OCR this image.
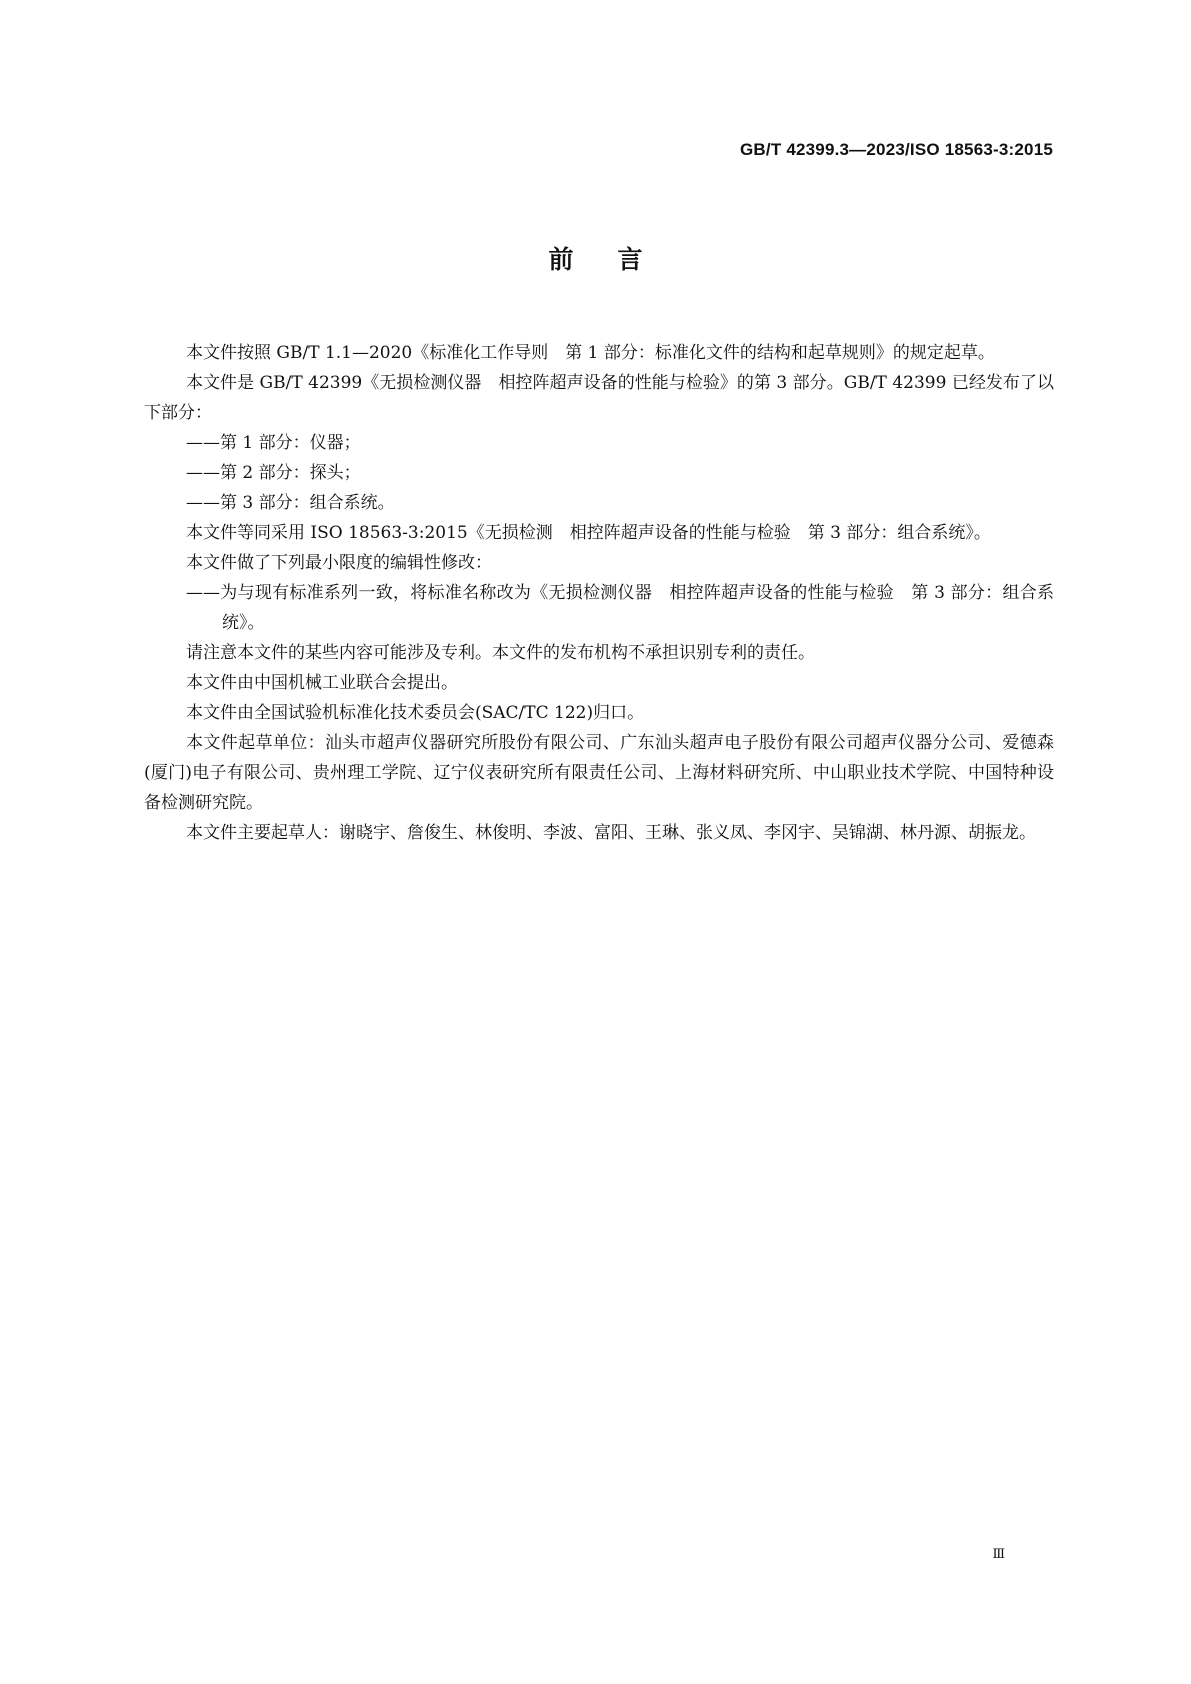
GB/T 42399.3—2023/ISO 18563-3:2015
前言

本文件按照 GB/T 1.1—2020《标准化工作导则　第 1 部分：标准化文件的结构和起草规则》的规定起草。

本文件是 GB/T 42399《无损检测仪器　相控阵超声设备的性能与检验》的第 3 部分。GB/T 42399 已经发布了以下部分：

——第 1 部分：仪器；

——第 2 部分：探头；

——第 3 部分：组合系统。

本文件等同采用 ISO 18563-3:2015《无损检测　相控阵超声设备的性能与检验　第 3 部分：组合系统》。

本文件做了下列最小限度的编辑性修改：

——为与现有标准系列一致，将标准名称改为《无损检测仪器　相控阵超声设备的性能与检验　第 3 部分：组合系统》。

请注意本文件的某些内容可能涉及专利。本文件的发布机构不承担识别专利的责任。

本文件由中国机械工业联合会提出。

本文件由全国试验机标准化技术委员会(SAC/TC 122)归口。

本文件起草单位：汕头市超声仪器研究所股份有限公司、广东汕头超声电子股份有限公司超声仪器分公司、爱德森(厦门)电子有限公司、贵州理工学院、辽宁仪表研究所有限责任公司、上海材料研究所、中山职业技术学院、中国特种设备检测研究院。

本文件主要起草人：谢晓宇、詹俊生、林俊明、李波、富阳、王琳、张义凤、李冈宇、吴锦湖、林丹源、胡振龙。

Ⅲ
